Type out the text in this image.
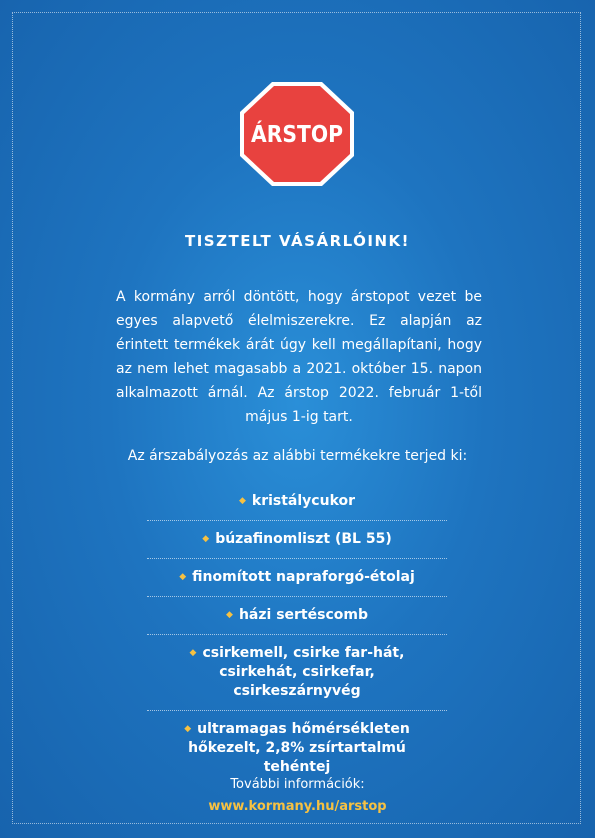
ÁRSTOP
TISZTELT VÁSÁRLÓINK!
A kormány arról döntött, hogy árstopot vezet be egyes alapvető élelmiszerekre. Ez alapján az érintett termékek árát úgy kell megállapítani, hogy az nem lehet magasabb a 2021. október 15. napon alkalmazott árnál. Az árstop 2022. február 1-től május 1-ig tart.
Az árszabályozás az alábbi termékekre terjed ki:
◆ kristálycukor
◆ búzafinomliszt (BL 55)
◆ finomított napraforgó-étolaj
◆ házi sertéscomb
◆ csirkemell, csirke far-hát, csirkehát, csirkefar, csirkeszárnyvég
◆ ultramagas hőmérsékleten hőkezelt, 2,8% zsírtartalmú tehéntej
További információk:
www.kormany.hu/arstop
